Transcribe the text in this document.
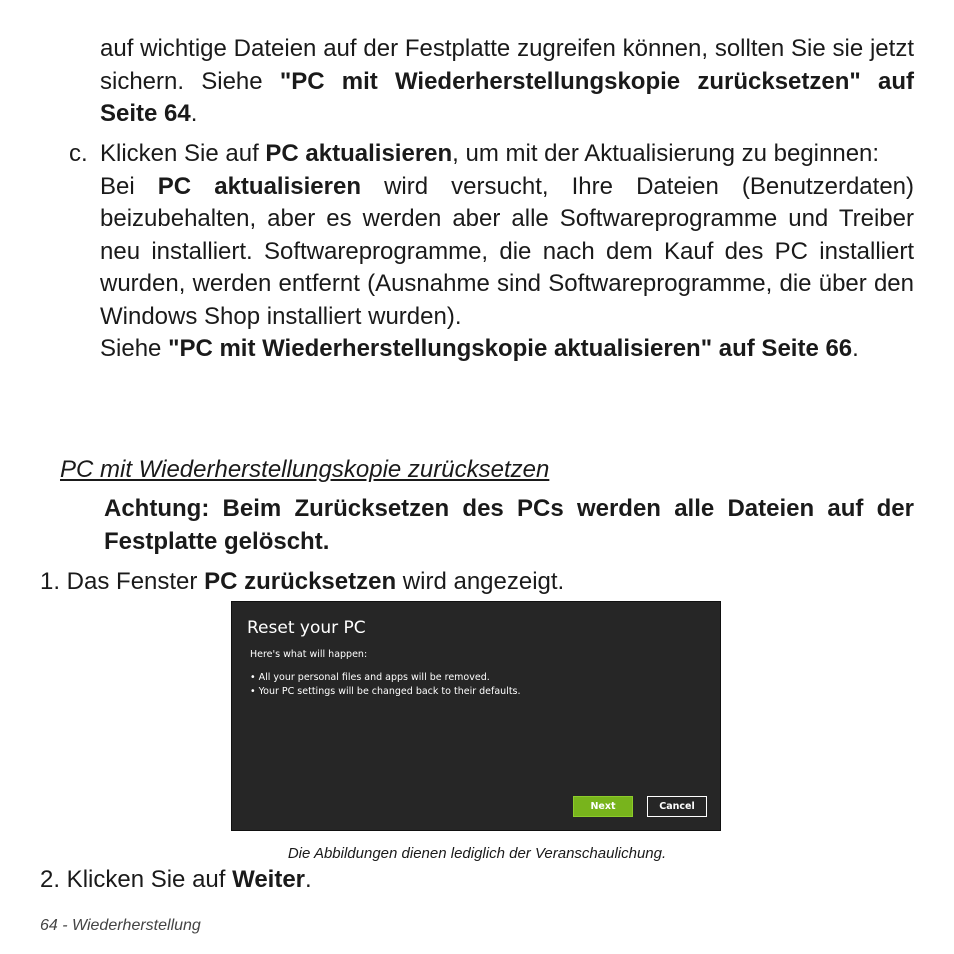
auf wichtige Dateien auf der Festplatte zugreifen können, sollten Sie sie jetzt sichern. Siehe "PC mit Wiederherstellungskopie zurücksetzen" auf Seite 64.
c. Klicken Sie auf PC aktualisieren, um mit der Aktualisierung zu beginnen:

Bei PC aktualisieren wird versucht, Ihre Dateien (Benutzerdaten) beizubehalten, aber es werden aber alle Softwareprogramme und Treiber neu installiert. Softwareprogramme, die nach dem Kauf des PC installiert wurden, werden entfernt (Ausnahme sind Softwareprogramme, die über den Windows Shop installiert wurden).

Siehe "PC mit Wiederherstellungskopie aktualisieren" auf Seite 66.

PC mit Wiederherstellungskopie zurücksetzen
Achtung: Beim Zurücksetzen des PCs werden alle Dateien auf der Festplatte gelöscht.
1. Das Fenster PC zurücksetzen wird angezeigt.
Reset your PC
Here's what will happen:
• All your personal files and apps will be removed.
• Your PC settings will be changed back to their defaults.
Next	Cancel
Die Abbildungen dienen lediglich der Veranschaulichung.
2. Klicken Sie auf Weiter.
64 - Wiederherstellung
